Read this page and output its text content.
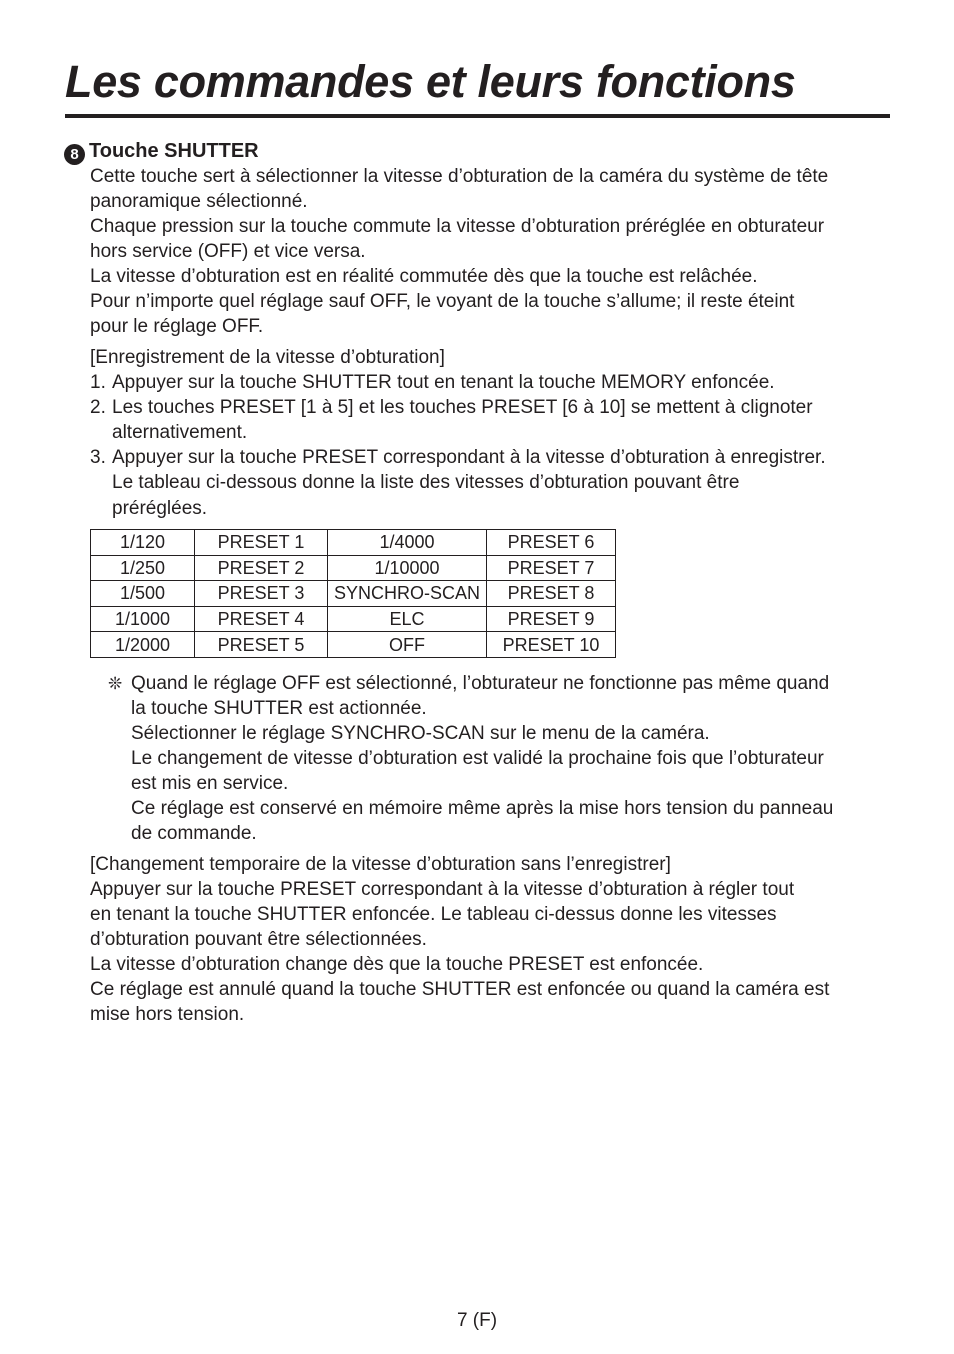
Les commandes et leurs fonctions
8 Touche SHUTTER
Cette touche sert à sélectionner la vitesse d’obturation de la caméra du système de tête
panoramique sélectionné.
Chaque pression sur la touche commute la vitesse d’obturation préréglée en obturateur
hors service (OFF) et vice versa.
La vitesse d’obturation est en réalité commutée dès que la touche est relâchée.
Pour n’importe quel réglage sauf OFF, le voyant de la touche s’allume; il reste éteint
pour le réglage OFF.
[Enregistrement de la vitesse d’obturation]
1. Appuyer sur la touche SHUTTER tout en tenant la touche MEMORY enfoncée.
2. Les touches PRESET [1 à 5] et les touches PRESET [6 à 10] se mettent à clignoter
alternativement.
3. Appuyer sur la touche PRESET correspondant à la vitesse d’obturation à enregistrer.
Le tableau ci-dessous donne la liste des vitesses d’obturation pouvant être
préréglées.
1/120	PRESET 1	1/4000	PRESET 6
1/250	PRESET 2	1/10000	PRESET 7
1/500	PRESET 3	SYNCHRO-SCAN	PRESET 8
1/1000	PRESET 4	ELC	PRESET 9
1/2000	PRESET 5	OFF	PRESET 10
❊ Quand le réglage OFF est sélectionné, l’obturateur ne fonctionne pas même quand
la touche SHUTTER est actionnée.
Sélectionner le réglage SYNCHRO-SCAN sur le menu de la caméra.
Le changement de vitesse d’obturation est validé la prochaine fois que l’obturateur
est mis en service.
Ce réglage est conservé en mémoire même après la mise hors tension du panneau
de commande.
[Changement temporaire de la vitesse d’obturation sans l’enregistrer]
Appuyer sur la touche PRESET correspondant à la vitesse d’obturation à régler tout
en tenant la touche SHUTTER enfoncée. Le tableau ci-dessus donne les vitesses
d’obturation pouvant être sélectionnées.
La vitesse d’obturation change dès que la touche PRESET est enfoncée.
Ce réglage est annulé quand la touche SHUTTER est enfoncée ou quand la caméra est
mise hors tension.
7 (F)
